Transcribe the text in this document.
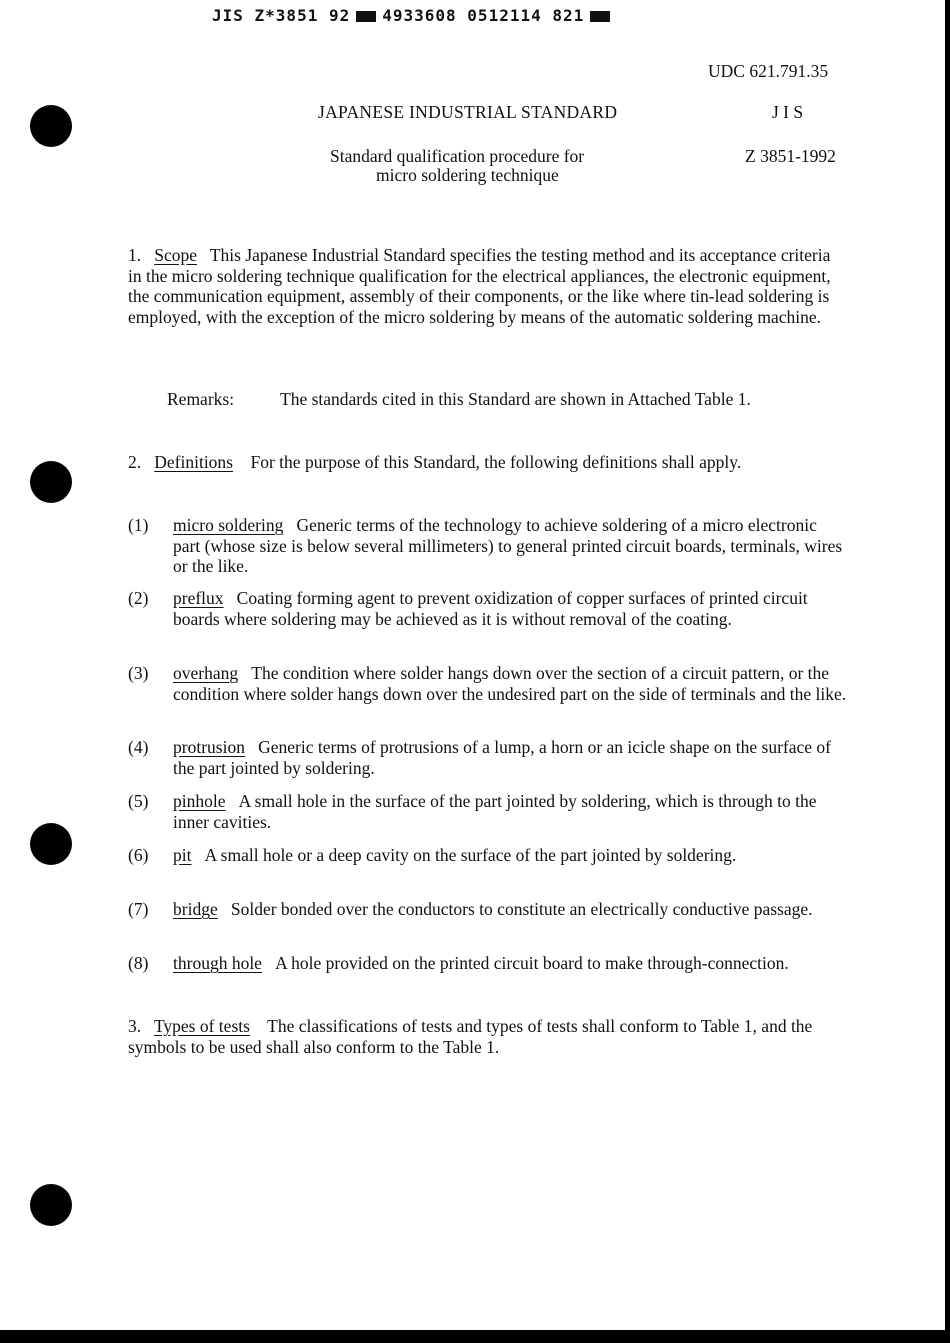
JIS Z*3851 92 4933608 0512114 821
UDC 621.791.35
JAPANESE INDUSTRIAL STANDARD	J I S
Standard qualification procedure for
micro soldering technique
Z 3851-1992
1. Scope This Japanese Industrial Standard specifies the testing method and its acceptance criteria in the micro soldering technique qualification for the electrical appliances, the electronic equipment, the communication equipment, assembly of their components, or the like where tin-lead soldering is employed, with the exception of the micro soldering by means of the automatic soldering machine.
Remarks:	The standards cited in this Standard are shown in Attached Table 1.
2. Definitions For the purpose of this Standard, the following definitions shall apply.
(1) micro soldering Generic terms of the technology to achieve soldering of a micro electronic part (whose size is below several millimeters) to general printed circuit boards, terminals, wires or the like.
(2) preflux Coating forming agent to prevent oxidization of copper surfaces of printed circuit boards where soldering may be achieved as it is without removal of the coating.
(3) overhang The condition where solder hangs down over the section of a circuit pattern, or the condition where solder hangs down over the undesired part on the side of terminals and the like.
(4) protrusion Generic terms of protrusions of a lump, a horn or an icicle shape on the surface of the part jointed by soldering.
(5) pinhole A small hole in the surface of the part jointed by soldering, which is through to the inner cavities.
(6) pit A small hole or a deep cavity on the surface of the part jointed by soldering.
(7) bridge Solder bonded over the conductors to constitute an electrically conductive passage.
(8) through hole A hole provided on the printed circuit board to make through-connection.
3. Types of tests The classifications of tests and types of tests shall conform to Table 1, and the symbols to be used shall also conform to the Table 1.
